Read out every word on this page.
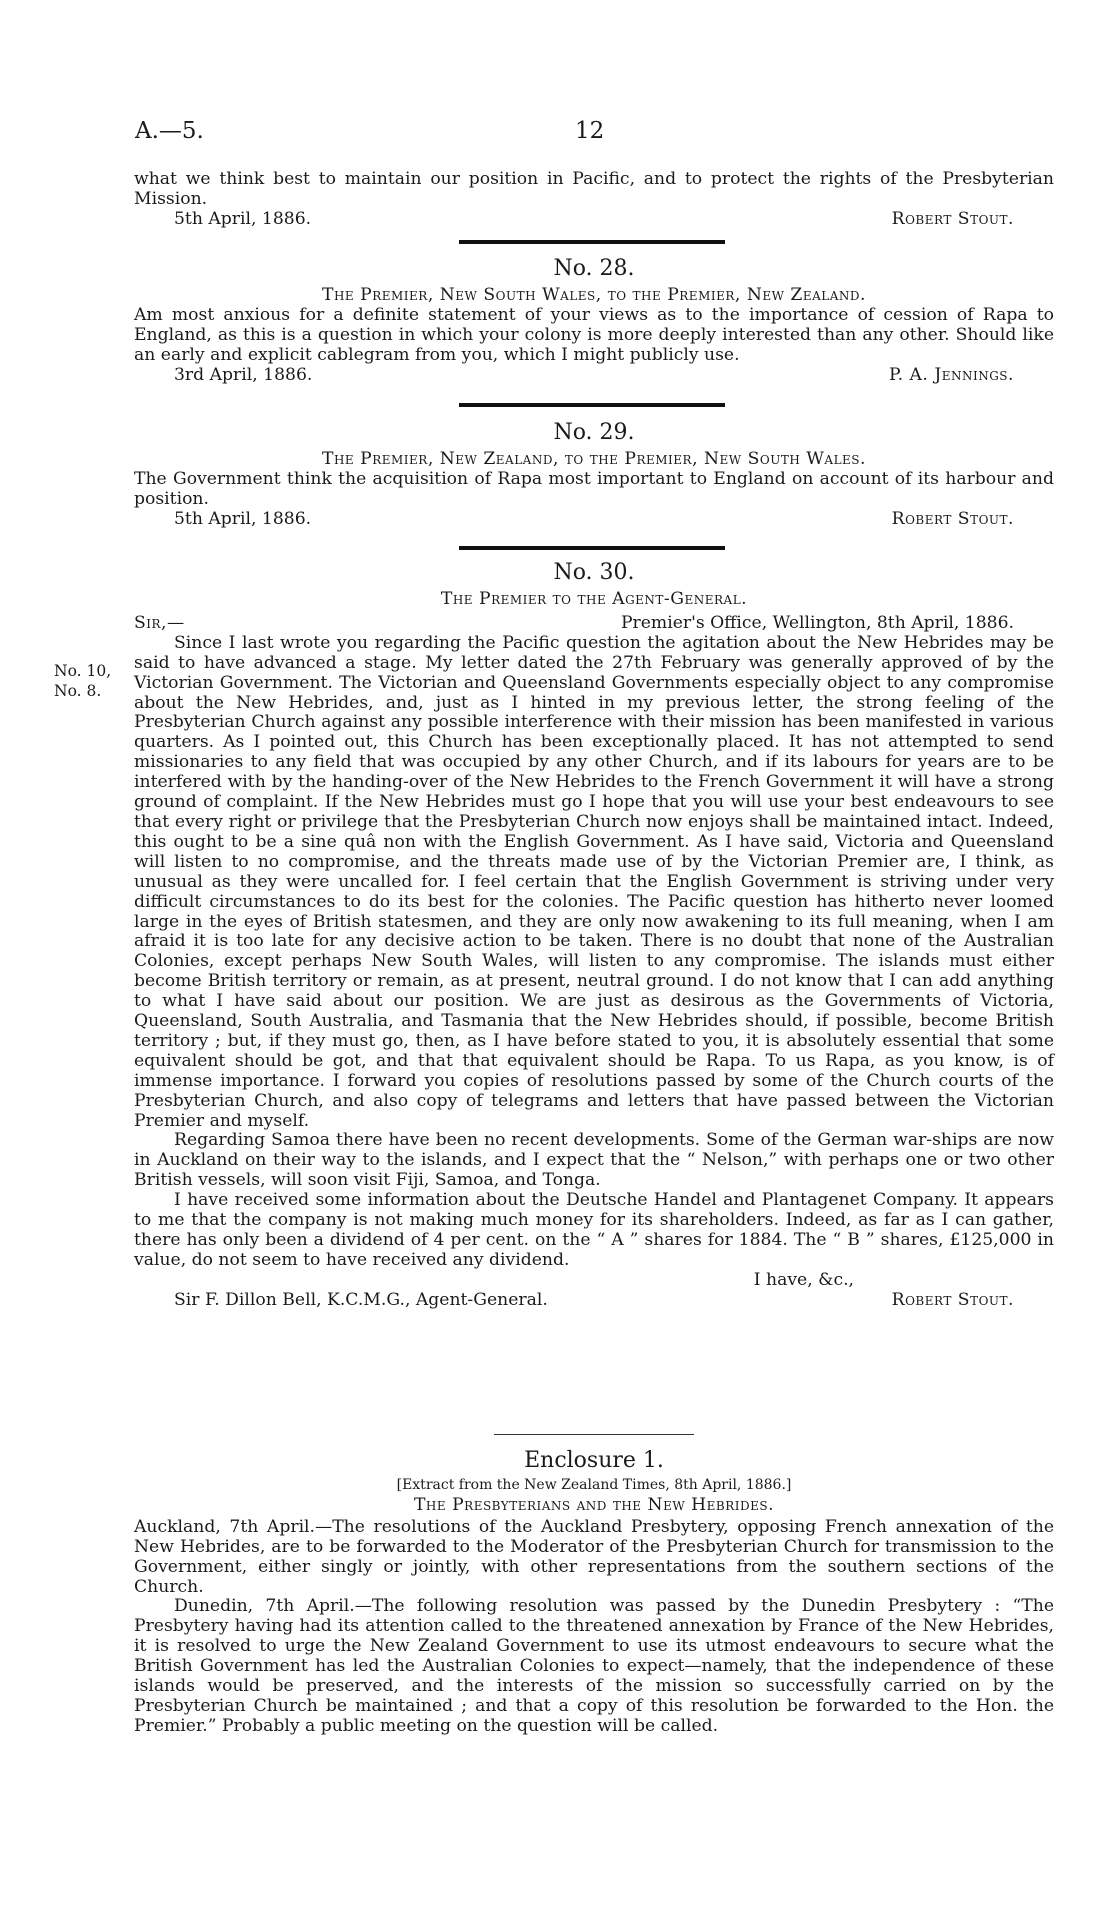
A.—5.	12

what we think best to maintain our position in Pacific, and to protect the rights of the Presbyterian Mission.

5th April, 1886.	Robert Stout.
No. 28.
The Premier, New South Wales, to the Premier, New Zealand.

Am most anxious for a definite statement of your views as to the importance of cession of Rapa to England, as this is a question in which your colony is more deeply interested than any other. Should like an early and explicit cablegram from you, which I might publicly use.

3rd April, 1886.	P. A. Jennings.
No. 29.
The Premier, New Zealand, to the Premier, New South Wales.

The Government think the acquisition of Rapa most important to England on account of its harbour and position.

5th April, 1886.	Robert Stout.
No. 10,
No. 8.
No. 30.
The Premier to the Agent-General.
Sir,—	Premier's Office, Wellington, 8th April, 1886.

Since I last wrote you regarding the Pacific question the agitation about the New Hebrides may be said to have advanced a stage. My letter dated the 27th February was generally approved of by the Victorian Government. The Victorian and Queensland Governments especially object to any compromise about the New Hebrides, and, just as I hinted in my previous letter, the strong feeling of the Presbyterian Church against any possible interference with their mission has been manifested in various quarters. As I pointed out, this Church has been exceptionally placed. It has not attempted to send missionaries to any field that was occupied by any other Church, and if its labours for years are to be interfered with by the handing-over of the New Hebrides to the French Government it will have a strong ground of complaint. If the New Hebrides must go I hope that you will use your best endeavours to see that every right or privilege that the Presbyterian Church now enjoys shall be maintained intact. Indeed, this ought to be a sine quâ non with the English Government. As I have said, Victoria and Queensland will listen to no compromise, and the threats made use of by the Victorian Premier are, I think, as unusual as they were uncalled for. I feel certain that the English Government is striving under very difficult circumstances to do its best for the colonies. The Pacific question has hitherto never loomed large in the eyes of British statesmen, and they are only now awakening to its full meaning, when I am afraid it is too late for any decisive action to be taken. There is no doubt that none of the Australian Colonies, except perhaps New South Wales, will listen to any compromise. The islands must either become British territory or remain, as at present, neutral ground. I do not know that I can add anything to what I have said about our position. We are just as desirous as the Governments of Victoria, Queensland, South Australia, and Tasmania that the New Hebrides should, if possible, become British territory ; but, if they must go, then, as I have before stated to you, it is absolutely essential that some equivalent should be got, and that that equivalent should be Rapa. To us Rapa, as you know, is of immense importance. I forward you copies of resolutions passed by some of the Church courts of the Presbyterian Church, and also copy of telegrams and letters that have passed between the Victorian Premier and myself.

Regarding Samoa there have been no recent developments. Some of the German war-ships are now in Auckland on their way to the islands, and I expect that the “ Nelson,” with perhaps one or two other British vessels, will soon visit Fiji, Samoa, and Tonga.

I have received some information about the Deutsche Handel and Plantagenet Company. It appears to me that the company is not making much money for its shareholders. Indeed, as far as I can gather, there has only been a dividend of 4 per cent. on the “ A ” shares for 1884. The “ B ” shares, £125,000 in value, do not seem to have received any dividend.

I have, &c.,
Sir F. Dillon Bell, K.C.M.G., Agent-General.	Robert Stout.
Enclosure 1.
[Extract from the New Zealand Times, 8th April, 1886.]
The Presbyterians and the New Hebrides.

Auckland, 7th April.—The resolutions of the Auckland Presbytery, opposing French annexation of the New Hebrides, are to be forwarded to the Moderator of the Presbyterian Church for transmission to the Government, either singly or jointly, with other representations from the southern sections of the Church.

Dunedin, 7th April.—The following resolution was passed by the Dunedin Presbytery : “The Presbytery having had its attention called to the threatened annexation by France of the New Hebrides, it is resolved to urge the New Zealand Government to use its utmost endeavours to secure what the British Government has led the Australian Colonies to expect—namely, that the independence of these islands would be preserved, and the interests of the mission so successfully carried on by the Presbyterian Church be maintained ; and that a copy of this resolution be forwarded to the Hon. the Premier.” Probably a public meeting on the question will be called.
